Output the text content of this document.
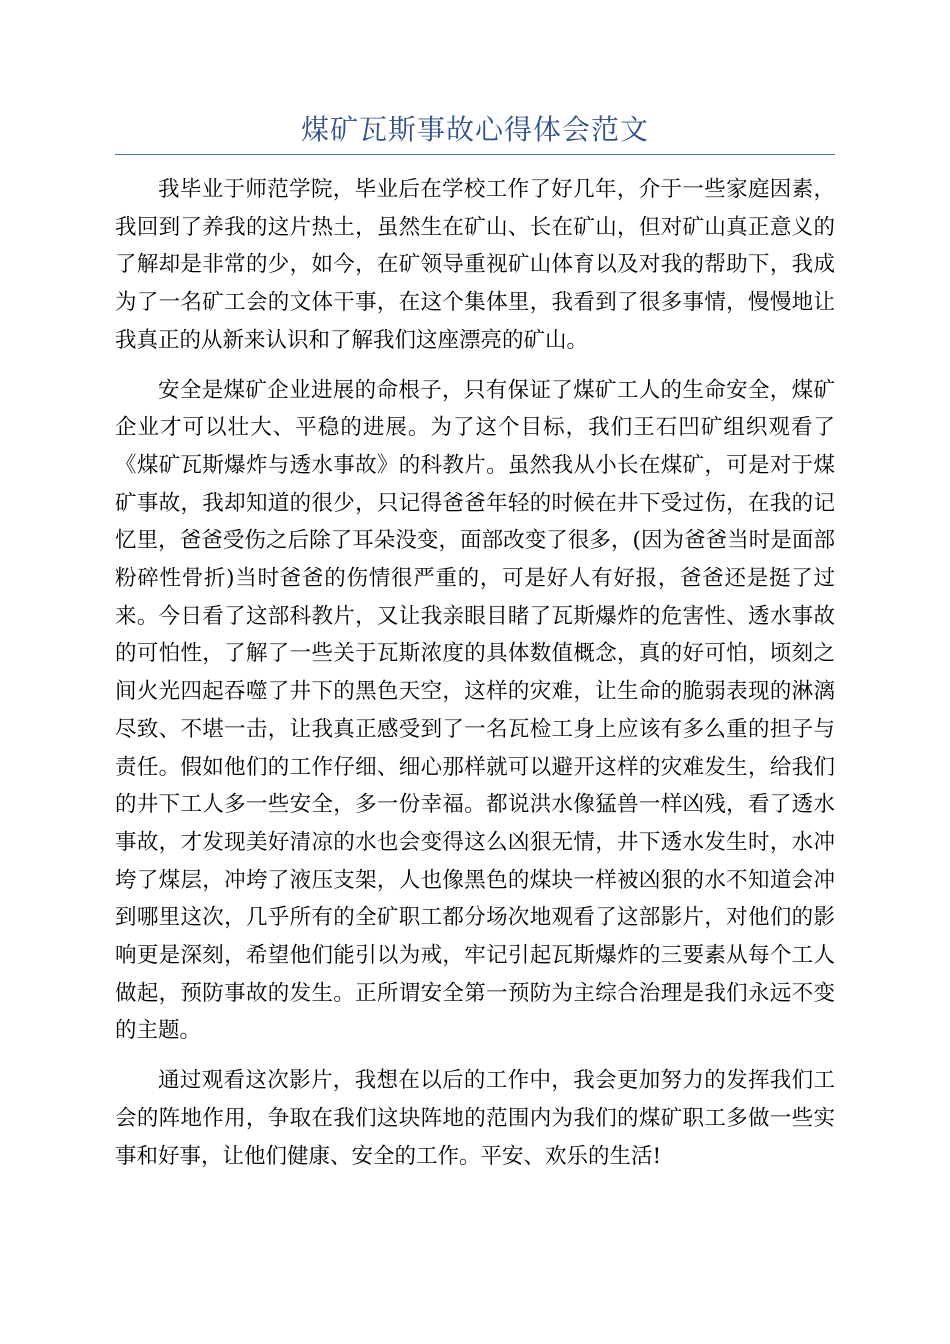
煤矿瓦斯事故心得体会范文

我毕业于师范学院，毕业后在学校工作了好几年，介于一些家庭因素，我回到了养我的这片热土，虽然生在矿山、长在矿山，但对矿山真正意义的了解却是非常的少，如今，在矿领导重视矿山体育以及对我的帮助下，我成为了一名矿工会的文体干事，在这个集体里，我看到了很多事情，慢慢地让我真正的从新来认识和了解我们这座漂亮的矿山。

安全是煤矿企业进展的命根子，只有保证了煤矿工人的生命安全，煤矿企业才可以壮大、平稳的进展。为了这个目标，我们王石凹矿组织观看了《煤矿瓦斯爆炸与透水事故》的科教片。虽然我从小长在煤矿，可是对于煤矿事故，我却知道的很少，只记得爸爸年轻的时候在井下受过伤，在我的记忆里，爸爸受伤之后除了耳朵没变，面部改变了很多，(因为爸爸当时是面部粉碎性骨折)当时爸爸的伤情很严重的，可是好人有好报，爸爸还是挺了过来。今日看了这部科教片，又让我亲眼目睹了瓦斯爆炸的危害性、透水事故的可怕性，了解了一些关于瓦斯浓度的具体数值概念，真的好可怕，顷刻之间火光四起吞噬了井下的黑色天空，这样的灾难，让生命的脆弱表现的淋漓尽致、不堪一击，让我真正感受到了一名瓦检工身上应该有多么重的担子与责任。假如他们的工作仔细、细心那样就可以避开这样的灾难发生，给我们的井下工人多一些安全，多一份幸福。都说洪水像猛兽一样凶残，看了透水事故，才发现美好清凉的水也会变得这么凶狠无情，井下透水发生时，水冲垮了煤层，冲垮了液压支架，人也像黑色的煤块一样被凶狠的水不知道会冲到哪里这次，几乎所有的全矿职工都分场次地观看了这部影片，对他们的影响更是深刻，希望他们能引以为戒，牢记引起瓦斯爆炸的三要素从每个工人做起，预防事故的发生。正所谓安全第一预防为主综合治理是我们永远不变的主题。

通过观看这次影片，我想在以后的工作中，我会更加努力的发挥我们工会的阵地作用，争取在我们这块阵地的范围内为我们的煤矿职工多做一些实事和好事，让他们健康、安全的工作。平安、欢乐的生活!
